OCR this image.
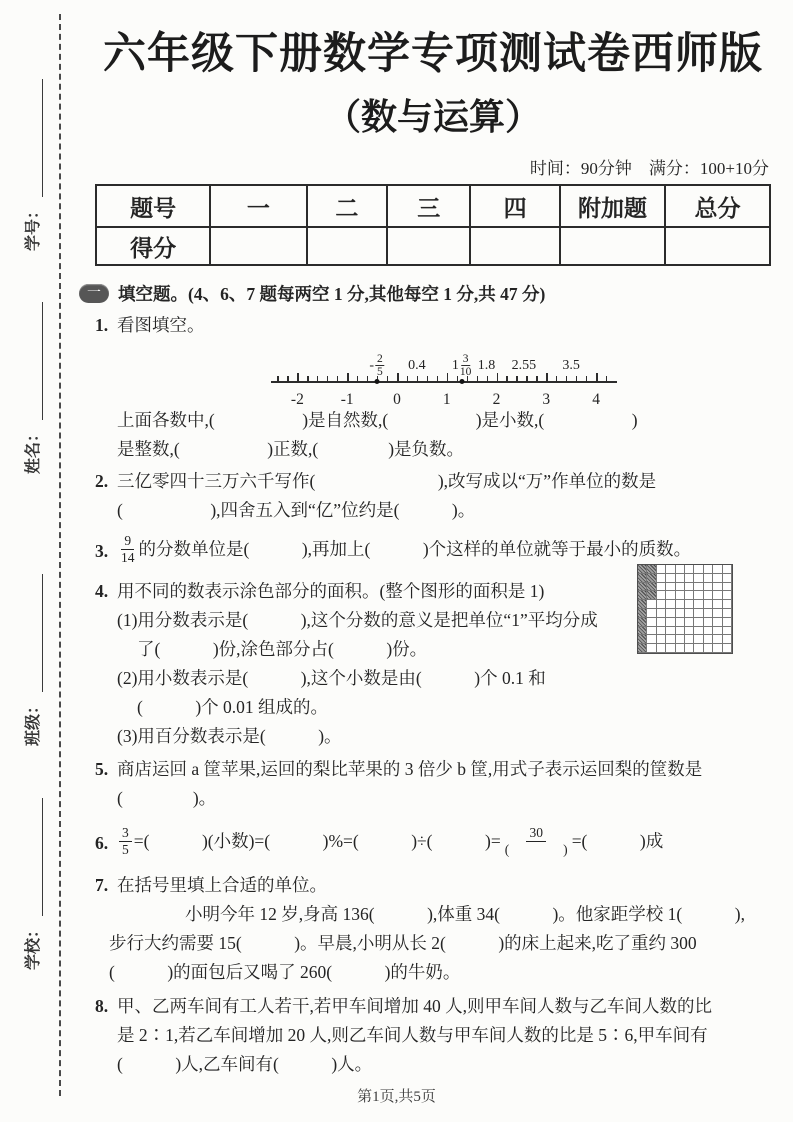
学号：
姓名：
班级：
学校：
六年级下册数学专项测试卷西师版
（数与运算）
时间：90分钟　满分：100+10分
题号	一	二	三	四	附加题	总分
得分						
一 填空题。(4、6、7 题每两空 1 分,其他每空 1 分,共 47 分)
1. 看图填空。
-2 -1	0	1	2	3	4
- $\frac{2}{5} 0.4$ $1 \frac{3}{10} 1.8$ 2.55 3.5
上面各数中,(　　　　　)是自然数,(　　　　　)是小数,(　　　　　)
是整数,(　　　　　)正数,(　　　　)是负数。
2. 三亿零四十三万六千写作(　　　　　　　),改写成以“万”作单位的数是
(　　　　　),四舍五入到“亿”位约是(　　　)。
3. $\frac{9}{14}$ 的分数单位是(　　　),再加上(　　　)个这样的单位就等于最小的质数。
4. 用不同的数表示涂色部分的面积。(整个图形的面积是 1)
(1)用分数表示是(　　　),这个分数的意义是把单位“1”平均分成
了(　　　)份,涂色部分占(　　　)份。
(2)用小数表示是(　　　),这个小数是由(　　　)个 0.1 和
(　　　)个 0.01 组成的。
(3)用百分数表示是(　　　)。
5. 商店运回 a 筐苹果,运回的梨比苹果的 3 倍少 b 筐,用式子表示运回梨的筐数是
(　　　　)。
6. $\frac{3}{5}$ =(　　　)(小数)=(　　　)%=(　　　)÷(　　　)= 30
(　　　　) =(　　　)成
7. 在括号里填上合适的单位。
小明今年 12 岁,身高 136(　　　),体重 34(　　　)。他家距学校 1(　　　),
步行大约需要 15(　　　)。早晨,小明从长 2(　　　)的床上起来,吃了重约 300
(　　　)的面包后又喝了 260(　　　)的牛奶。
8. 甲、乙两车间有工人若干,若甲车间增加 40 人,则甲车间人数与乙车间人数的比
是 2∶1,若乙车间增加 20 人,则乙车间人数与甲车间人数的比是 5∶6,甲车间有
(　　　)人,乙车间有(　　　)人。
第1页,共5页
